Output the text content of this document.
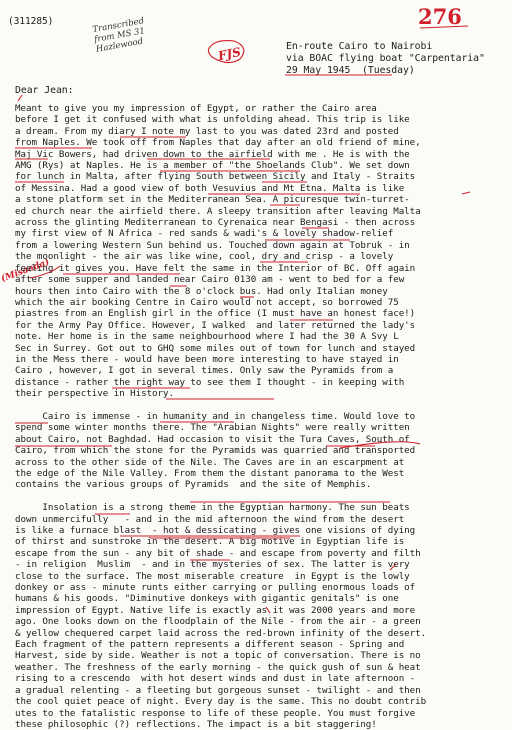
(311285)	Transcribed from MS 31 Hazlewood
276
FJS	En-route Cairo to Nairobi
via BOAC flying boat "Carpentaria"
29 May 1945  (Tuesday)
Dear Jean:
(Misaada)
Meant to give you my impression of Egypt, or rather the Cairo area
before I get it confused with what is unfolding ahead. This trip is like
a dream. From my diary I note my last to you was dated 23rd and posted
from Naples. We took off from Naples that day after an old friend of mine,
Maj Vic Bowers, had driven down to the airfield with me . He is with the
AMG (Rys) at Naples. He is a member of "the Shoelands Club". We set down
for lunch in Malta, after flying South between Sicily and Italy - Straits
of Messina. Had a good view of both Vesuvius and Mt Etna. Malta is like
a stone platform set in the Mediterranean Sea. A picuresque twin-turret-
ed church near the airfield there. A sleepy transition after leaving Malta
across the glinting Mediterranean to Cyrenaica near Bengasi - then across
my first view of N Africa - red sands & wadi's & lovely shadow-relief
from a lowering Western Sun behind us. Touched down again at Tobruk - in
the moonlight - the air was like wine, cool, dry and crisp - a lovely
feeling it gives you. Have felt the same in the Interior of BC. Off again
after some supper and landed near Cairo 0130 am - went to bed for a few
hours then into Cairo with the 8 o'clock bus. Had only Italian money
which the air booking Centre in Cairo would not accept, so borrowed 75
piastres from an English girl in the office (I must have an honest face!)
for the Army Pay Office. However, I walked  and later returned the lady's
note. Her home is in the same neighbourhood where I had the 30 A Svy L
Sec in Surrey. Got out to GHQ some miles out of town for lunch and stayed
in the Mess there - would have been more interesting to have stayed in
Cairo , however, I got in several times. Only saw the Pyramids from a
distance - rather the right way to see them I thought - in keeping with
their perspective in History.
Cairo is immense - in humanity and in changeless time. Would love to
spend some winter months there. The "Arabian Nights" were really written
about Cairo, not Baghdad. Had occasion to visit the Tura Caves, South of
Cairo, from which the stone for the Pyramids was quarried and transported
across to the other side of the Nile. The Caves are in an escarpment at
the edge of the Nile Valley. From them the distant panorama to the West
contains the various groups of Pyramids  and the site of Memphis.
Insolation is a strong theme in the Egyptian harmony. The sun beats
down unmercifully   - and in the mid afternoon the wind from the desert
is like a furnace blast  - hot & dessicating - gives one visions of dying
of thirst and sunstroke in the desert. A big motive in Egyptian life is
escape from the sun - any bit of shade - and escape from poverty and filth
- in religion  Muslim  - and in the mysteries of sex. The latter is very
close to the surface. The most miserable creature  in Egypt is the lowly
donkey or ass - minute runts either carrying or pulling enormous loads of
humans & his goods. "Diminutive donkeys with gigantic genitals" is one
impression of Egypt. Native life is exactly as it was 2000 years and more
ago. One looks down on the floodplain of the Nile - from the air - a green
& yellow chequered carpet laid across the red-brown infinity of the desert.
Each fragment of the pattern represents a different season - Spring and
Harvest, side by side. Weather is not a topic of conversation. There is no
weather. The freshness of the early morning - the quick gush of sun & heat
rising to a crescendo  with hot desert winds and dust in late afternoon -
a gradual relenting - a fleeting but gorgeous sunset - twilight - and then
the cool quiet peace of night. Every day is the same. This no doubt contrib
utes to the fatalistic response to life of these people. You must forgive
these philosophic (?) reflections. The impact is a bit staggering!
